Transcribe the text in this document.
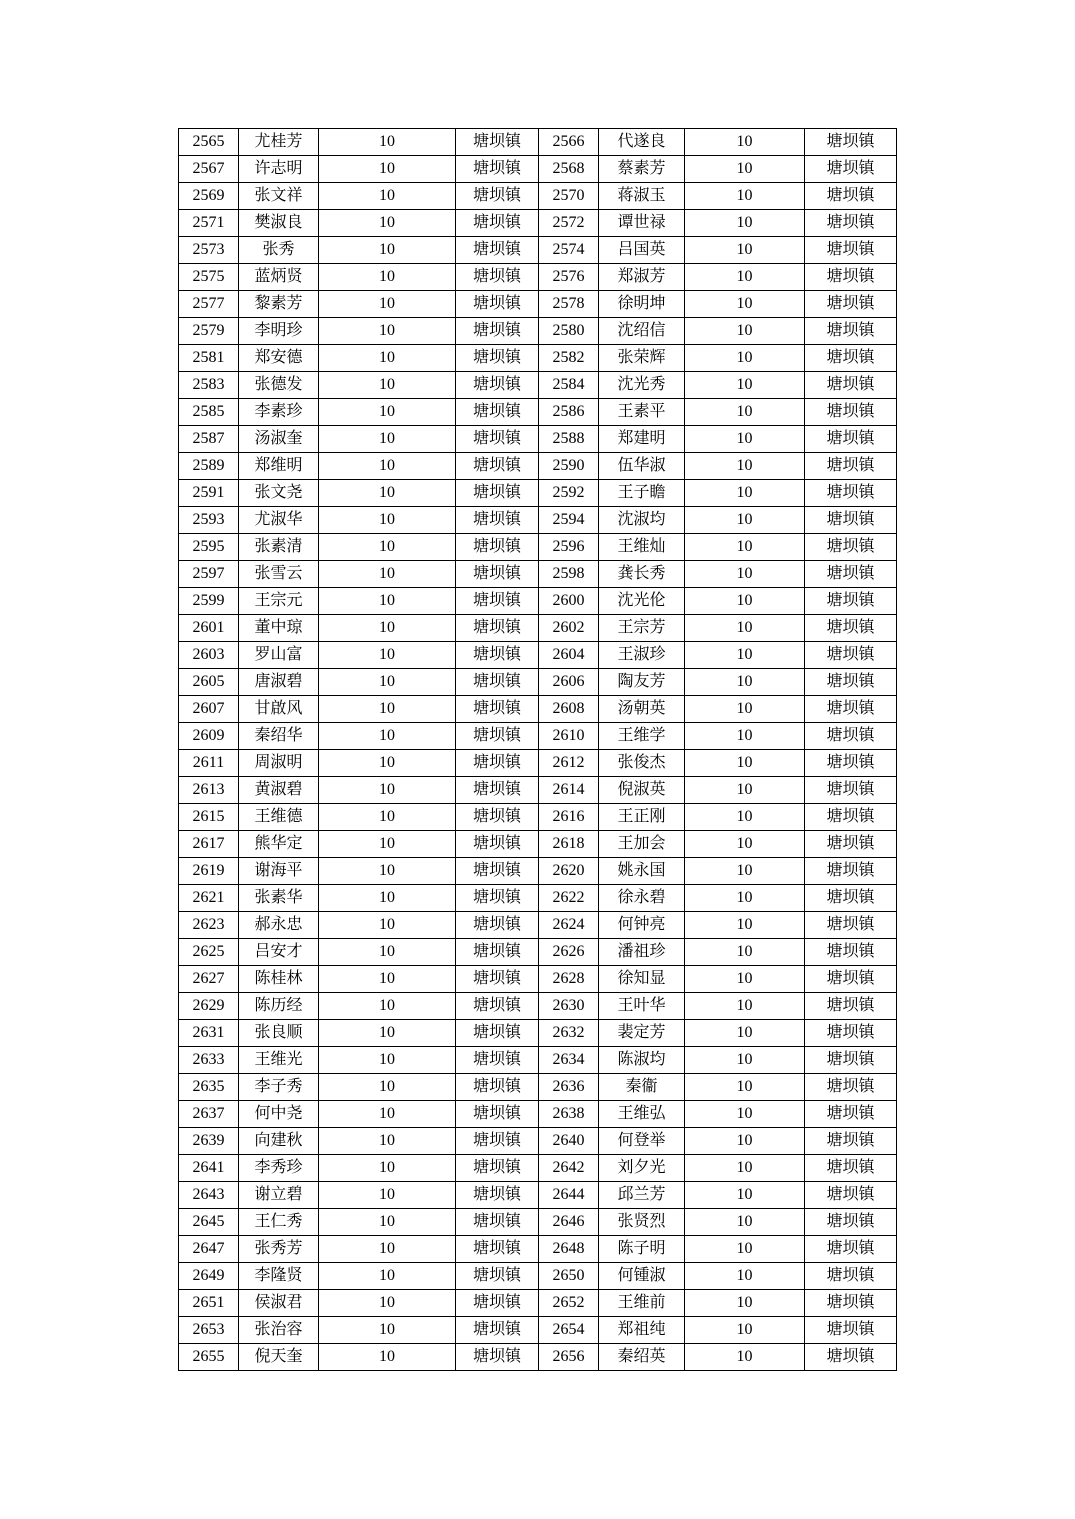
2565	尤桂芳	10	塘坝镇	2566	代遂良	10	塘坝镇
2567	许志明	10	塘坝镇	2568	蔡素芳	10	塘坝镇
2569	张文祥	10	塘坝镇	2570	蒋淑玉	10	塘坝镇
2571	樊淑良	10	塘坝镇	2572	谭世禄	10	塘坝镇
2573	张秀	10	塘坝镇	2574	吕国英	10	塘坝镇
2575	蓝炳贤	10	塘坝镇	2576	郑淑芳	10	塘坝镇
2577	黎素芳	10	塘坝镇	2578	徐明坤	10	塘坝镇
2579	李明珍	10	塘坝镇	2580	沈绍信	10	塘坝镇
2581	郑安德	10	塘坝镇	2582	张荣辉	10	塘坝镇
2583	张德发	10	塘坝镇	2584	沈光秀	10	塘坝镇
2585	李素珍	10	塘坝镇	2586	王素平	10	塘坝镇
2587	汤淑奎	10	塘坝镇	2588	郑建明	10	塘坝镇
2589	郑维明	10	塘坝镇	2590	伍华淑	10	塘坝镇
2591	张文尧	10	塘坝镇	2592	王子瞻	10	塘坝镇
2593	尤淑华	10	塘坝镇	2594	沈淑均	10	塘坝镇
2595	张素清	10	塘坝镇	2596	王维灿	10	塘坝镇
2597	张雪云	10	塘坝镇	2598	龚长秀	10	塘坝镇
2599	王宗元	10	塘坝镇	2600	沈光伦	10	塘坝镇
2601	董中琼	10	塘坝镇	2602	王宗芳	10	塘坝镇
2603	罗山富	10	塘坝镇	2604	王淑珍	10	塘坝镇
2605	唐淑碧	10	塘坝镇	2606	陶友芳	10	塘坝镇
2607	甘啟风	10	塘坝镇	2608	汤朝英	10	塘坝镇
2609	秦绍华	10	塘坝镇	2610	王维学	10	塘坝镇
2611	周淑明	10	塘坝镇	2612	张俊杰	10	塘坝镇
2613	黄淑碧	10	塘坝镇	2614	倪淑英	10	塘坝镇
2615	王维德	10	塘坝镇	2616	王正刚	10	塘坝镇
2617	熊华定	10	塘坝镇	2618	王加会	10	塘坝镇
2619	谢海平	10	塘坝镇	2620	姚永国	10	塘坝镇
2621	张素华	10	塘坝镇	2622	徐永碧	10	塘坝镇
2623	郝永忠	10	塘坝镇	2624	何钟亮	10	塘坝镇
2625	吕安才	10	塘坝镇	2626	潘祖珍	10	塘坝镇
2627	陈桂林	10	塘坝镇	2628	徐知显	10	塘坝镇
2629	陈历经	10	塘坝镇	2630	王叶华	10	塘坝镇
2631	张良顺	10	塘坝镇	2632	裴定芳	10	塘坝镇
2633	王维光	10	塘坝镇	2634	陈淑均	10	塘坝镇
2635	李子秀	10	塘坝镇	2636	秦衞	10	塘坝镇
2637	何中尧	10	塘坝镇	2638	王维弘	10	塘坝镇
2639	向建秋	10	塘坝镇	2640	何登举	10	塘坝镇
2641	李秀珍	10	塘坝镇	2642	刘夕光	10	塘坝镇
2643	谢立碧	10	塘坝镇	2644	邱兰芳	10	塘坝镇
2645	王仁秀	10	塘坝镇	2646	张贤烈	10	塘坝镇
2647	张秀芳	10	塘坝镇	2648	陈子明	10	塘坝镇
2649	李隆贤	10	塘坝镇	2650	何锺淑	10	塘坝镇
2651	侯淑君	10	塘坝镇	2652	王维前	10	塘坝镇
2653	张治容	10	塘坝镇	2654	郑祖纯	10	塘坝镇
2655	倪天奎	10	塘坝镇	2656	秦绍英	10	塘坝镇
